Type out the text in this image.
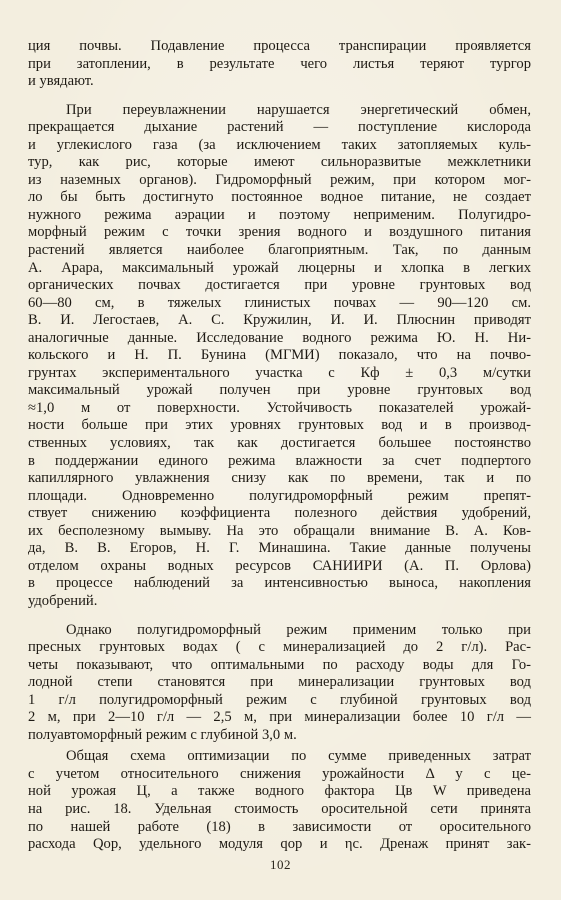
ция почвы. Подавление процесса транспирации проявляется
при затоплении, в результате чего листья теряют тургор
и увядают.

При переувлажнении нарушается энергетический обмен,
прекращается дыхание растений — поступление кислорода
и углекислого газа (за исключением таких затопляемых куль-
тур, как рис, которые имеют сильноразвитые межклетники
из наземных органов). Гидроморфный режим, при котором мог-
ло бы быть достигнуто постоянное водное питание, не создает
нужного режима аэрации и поэтому неприменим. Полугидро-
морфный режим с точки зрения водного и воздушного питания
растений является наиболее благоприятным. Так, по данным
А. Арара, максимальный урожай люцерны и хлопка в легких
органических почвах достигается при уровне грунтовых вод
60—80 см, в тяжелых глинистых почвах — 90—120 см.
В. И. Легостаев, А. С. Кружилин, И. И. Плюснин приводят
аналогичные данные. Исследование водного режима Ю. Н. Ни-
кольского и Н. П. Бунина (МГМИ) показало, что на почво-
грунтах экспериментального участка с Кф ± 0,3 м/сутки
максимальный урожай получен при уровне грунтовых вод
≈1,0 м от поверхности. Устойчивость показателей урожай-
ности больше при этих уровнях грунтовых вод и в производ-
ственных условиях, так как достигается большее постоянство
в поддержании единого режима влажности за счет подпертого
капиллярного увлажнения снизу как по времени, так и по
площади. Одновременно полугидроморфный режим препят-
ствует снижению коэффициента полезного действия удобрений,
их бесполезному вымыву. На это обращали внимание В. А. Ков-
да, В. В. Егоров, Н. Г. Минашина. Такие данные получены
отделом охраны водных ресурсов САНИИРИ (А. П. Орлова)
в процессе наблюдений за интенсивностью выноса, накопления
удобрений.

Однако полугидроморфный режим применим только при
пресных грунтовых водах ( с минерализацией до 2 г/л). Рас-
четы показывают, что оптимальными по расходу воды для Го-
лодной степи становятся при минерализации грунтовых вод
1 г/л полугидроморфный режим с глубиной грунтовых вод
2 м, при 2—10 г/л — 2,5 м, при минерализации более 10 г/л —
полуавтоморфный режим с глубиной 3,0 м.

Общая схема оптимизации по сумме приведенных затрат
с учетом относительного снижения урожайности Δ y с це-
ной урожая Ц, а также водного фактора Цв W приведена
на рис. 18. Удельная стоимость оросительной сети принята
по нашей работе (18) в зависимости от оросительного
расхода Qор, удельного модуля qор и ηс. Дренаж принят зак-

102
